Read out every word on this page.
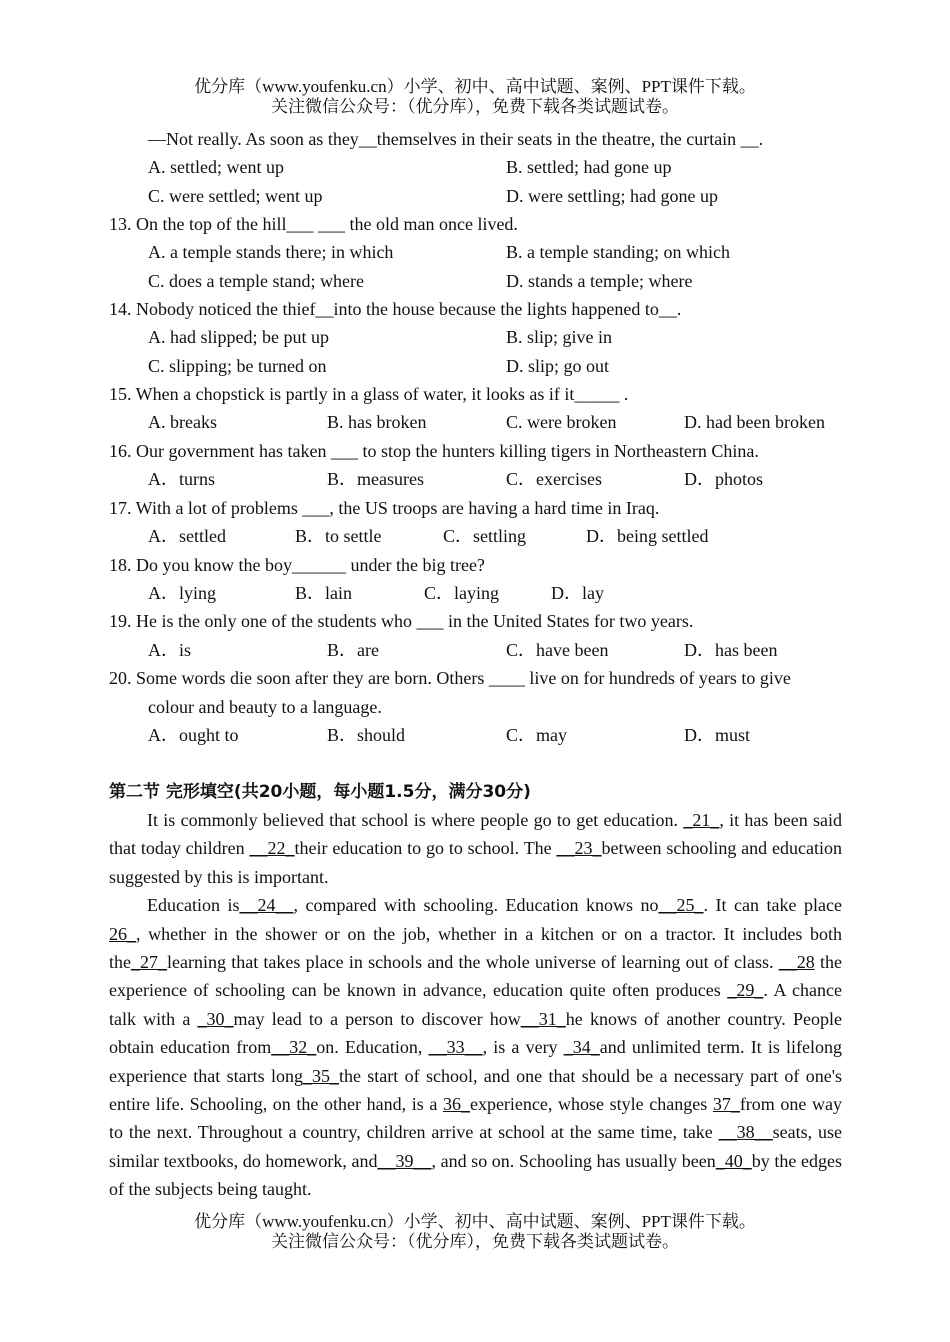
优分库（www.youfenku.cn）小学、初中、高中试题、案例、PPT课件下载。
关注微信公众号：（优分库），免费下载各类试题试卷。
—Not really. As soon as they__themselves in their seats in the theatre, the curtain __.
A. settled; went up	B. settled; had gone up
C. were settled; went up	D. were settling; had gone up
13. On the top of the hill___ ___ the old man once lived.
A. a temple stands there; in which	B. a temple standing; on which
C. does a temple stand; where	D. stands a temple; where
14. Nobody noticed the thief__into the house because the lights happened to__.
A. had slipped; be put up	B. slip; give in
C. slipping; be turned on	D. slip; go out
15. When a chopstick is partly in a glass of water, it looks as if it_____ .
A. breaks	B. has broken	C. were broken	D. had been broken
16. Our government has taken ___ to stop the hunters killing tigers in Northeastern China.
A．turns	B．measures	C．exercises	D．photos
17. With a lot of problems ___, the US troops are having a hard time in Iraq.
A．settled	B．to settle	C．settling	D．being settled
18. Do you know the boy______ under the big tree?
A．lying	B．lain	C．laying	D．lay
19. He is the only one of the students who ___ in the United States for two years.
A．is	B．are	C．have been	D．has been
20. Some words die soon after they are born. Others ____ live on for hundreds of years to give
colour and beauty to a language.
A．ought to	B．should	C．may	D．must
第二节 完形填空(共20小题，每小题1.5分，满分30分)

It is commonly believed that school is where people go to get education. _21_, it has been said that today children __22_their education to go to school. The __23_between schooling and education suggested by this is important.

Education is__24__, compared with schooling. Education knows no__25_. It can take place 26_, whether in the shower or on the job, whether in a kitchen or on a tractor. It includes both the_27_learning that takes place in schools and the whole universe of learning out of class. __28 the experience of schooling can be known in advance, education quite often produces _29_. A chance talk with a _30_may lead to a person to discover how__31_he knows of another country. People obtain education from__32_on. Education, __33__, is a very _34_and unlimited term. It is lifelong experience that starts long_35_the start of school, and one that should be a necessary part of one's entire life. Schooling, on the other hand, is a 36_experience, whose style changes 37_from one way to the next. Throughout a country, children arrive at school at the same time, take __38__seats, use similar textbooks, do homework, and__39__, and so on. Schooling has usually been_40_by the edges of the subjects being taught.

优分库（www.youfenku.cn）小学、初中、高中试题、案例、PPT课件下载。
关注微信公众号：（优分库），免费下载各类试题试卷。
